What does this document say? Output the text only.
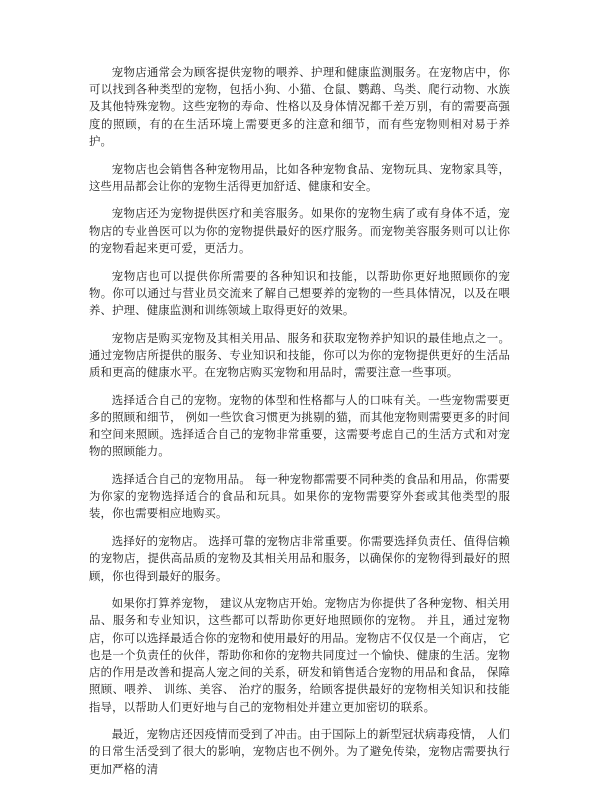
宠物店通常会为顾客提供宠物的喂养、护理和健康监测服务。在宠物店中，你可以找到各种类型的宠物，包括小狗、小猫、仓鼠、鹦鹉、鸟类、爬行动物、水族及其他特殊宠物。这些宠物的寿命、性格以及身体情况都千差万别，有的需要高强度的照顾，有的在生活环境上需要更多的注意和细节，而有些宠物则相对易于养护。

宠物店也会销售各种宠物用品，比如各种宠物食品、宠物玩具、宠物家具等，这些用品都会让你的宠物生活得更加舒适、健康和安全。

宠物店还为宠物提供医疗和美容服务。如果你的宠物生病了或有身体不适，宠物店的专业兽医可以为你的宠物提供最好的医疗服务。而宠物美容服务则可以让你的宠物看起来更可爱，更活力。

宠物店也可以提供你所需要的各种知识和技能，以帮助你更好地照顾你的宠物。你可以通过与营业员交流来了解自己想要养的宠物的一些具体情况，以及在喂养、护理、健康监测和训练领域上取得更好的效果。

宠物店是购买宠物及其相关用品、服务和获取宠物养护知识的最佳地点之一。通过宠物店所提供的服务、专业知识和技能，你可以为你的宠物提供更好的生活品质和更高的健康水平。在宠物店购买宠物和用品时，需要注意一些事项。

选择适合自己的宠物。宠物的体型和性格都与人的口味有关。一些宠物需要更多的照顾和细节， 例如一些饮食习惯更为挑剔的猫，而其他宠物则需要更多的时间和空间来照顾。选择适合自己的宠物非常重要，这需要考虑自己的生活方式和对宠物的照顾能力。

选择适合自己的宠物用品。 每一种宠物都需要不同种类的食品和用品，你需要为你家的宠物选择适合的食品和玩具。如果你的宠物需要穿外套或其他类型的服装，你也需要相应地购买。

选择好的宠物店。 选择可靠的宠物店非常重要。你需要选择负责任、值得信赖的宠物店，提供高品质的宠物及其相关用品和服务，以确保你的宠物得到最好的照顾，你也得到最好的服务。

如果你打算养宠物， 建议从宠物店开始。宠物店为你提供了各种宠物、相关用品、服务和专业知识，这些都可以帮助你更好地照顾你的宠物。 并且，通过宠物店，你可以选择最适合你的宠物和使用最好的用品。宠物店不仅仅是一个商店， 它也是一个负责任的伙伴，帮助你和你的宠物共同度过一个愉快、健康的生活。宠物店的作用是改善和提高人宠之间的关系，研发和销售适合宠物的用品和食品， 保障照顾、喂养、 训练、美容、 治疗的服务，给顾客提供最好的宠物相关知识和技能指导，以帮助人们更好地与自己的宠物相处并建立更加密切的联系。

最近，宠物店还因疫情而受到了冲击。由于国际上的新型冠状病毒疫情， 人们的日常生活受到了很大的影响，宠物店也不例外。为了避免传染，宠物店需要执行更加严格的清
